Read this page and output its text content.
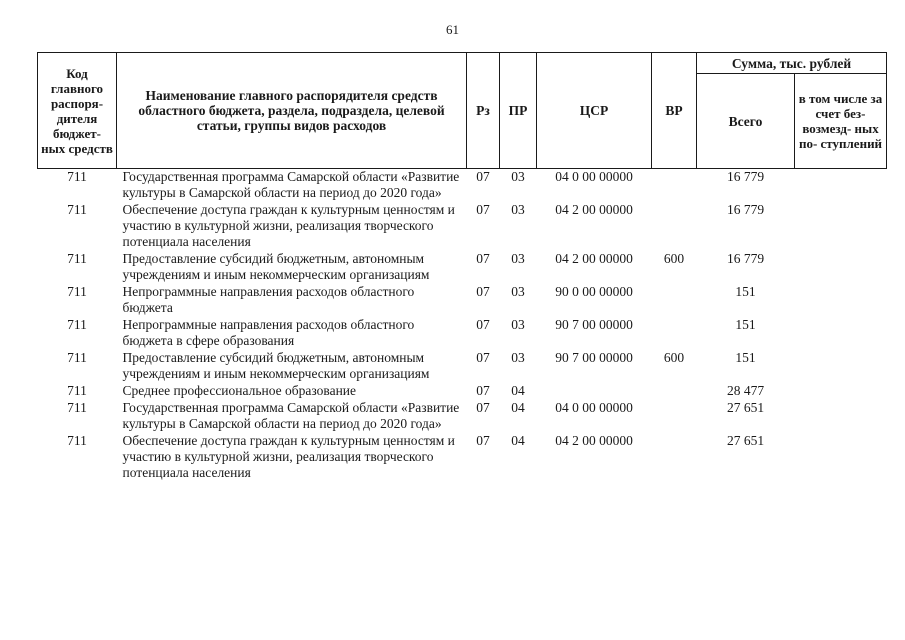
61
Код главного распоря- дителя бюджет- ных средств	Наименование главного распорядителя средств областного бюджета, раздела, подраздела, целевой статьи, группы видов расходов	Рз	ПР	ЦСР	ВР	Сумма, тыс. рублей	
						Всего	в том числе за счет без- возмезд- ных по- ступлений
711	Государственная программа Самарской области «Развитие культуры в Самарской области на период до 2020 года»	07	03	04 0 00 00000		16 779	
711	Обеспечение доступа граждан к культурным ценностям и участию в культурной жизни, реализация творческого потенциала населения	07	03	04 2 00 00000		16 779	
711	Предоставление субсидий бюджетным, автономным учреждениям и иным некоммерческим организациям	07	03	04 2 00 00000	600	16 779	
711	Непрограммные направления расходов областного бюджета	07	03	90 0 00 00000		151	
711	Непрограммные направления расходов областного бюджета в сфере образования	07	03	90 7 00 00000		151	
711	Предоставление субсидий бюджетным, автономным учреждениям и иным некоммерческим организациям	07	03	90 7 00 00000	600	151	
711	Среднее профессиональное образование	07	04			28 477	
711	Государственная программа Самарской области «Развитие культуры в Самарской области на период до 2020 года»	07	04	04 0 00 00000		27 651	
711	Обеспечение доступа граждан к культурным ценностям и участию в культурной жизни, реализация творческого потенциала населения	07	04	04 2 00 00000		27 651	
